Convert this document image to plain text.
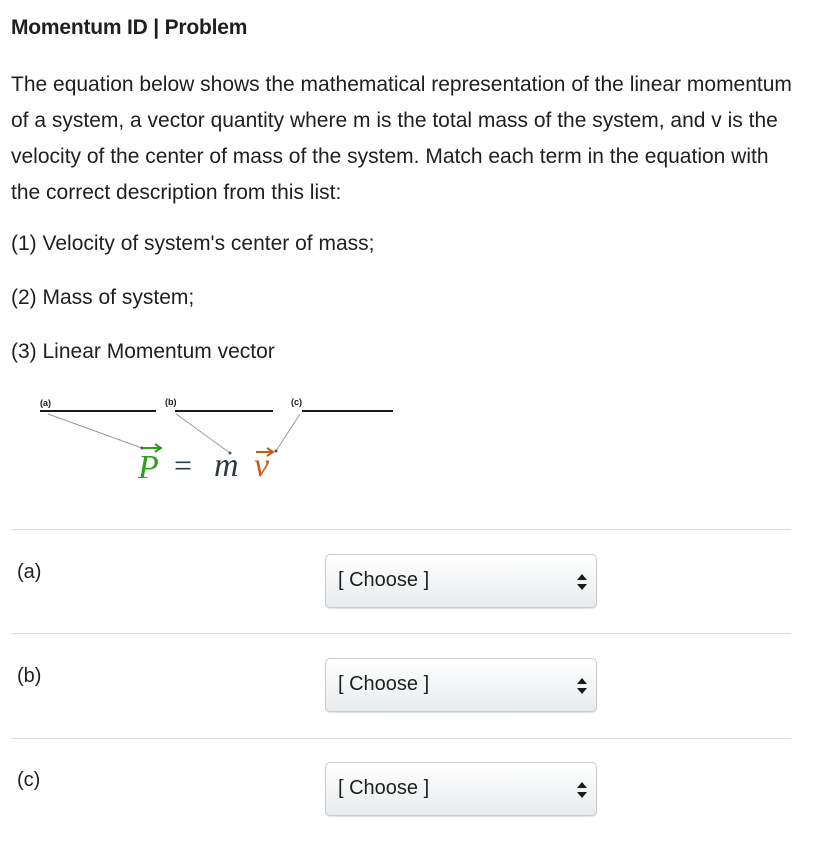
Momentum ID | Problem
The equation below shows the mathematical representation of the linear momentum of a system, a vector quantity where m is the total mass of the system, and v is the velocity of the center of mass of the system. Match each term in the equation with the correct description from this list:
(1) Velocity of system's center of mass;
(2) Mass of system;
(3) Linear Momentum vector
(a)	(b)	(c)
P = m v
(a)	[ Choose ]
(b)	[ Choose ]
(c)	[ Choose ]
